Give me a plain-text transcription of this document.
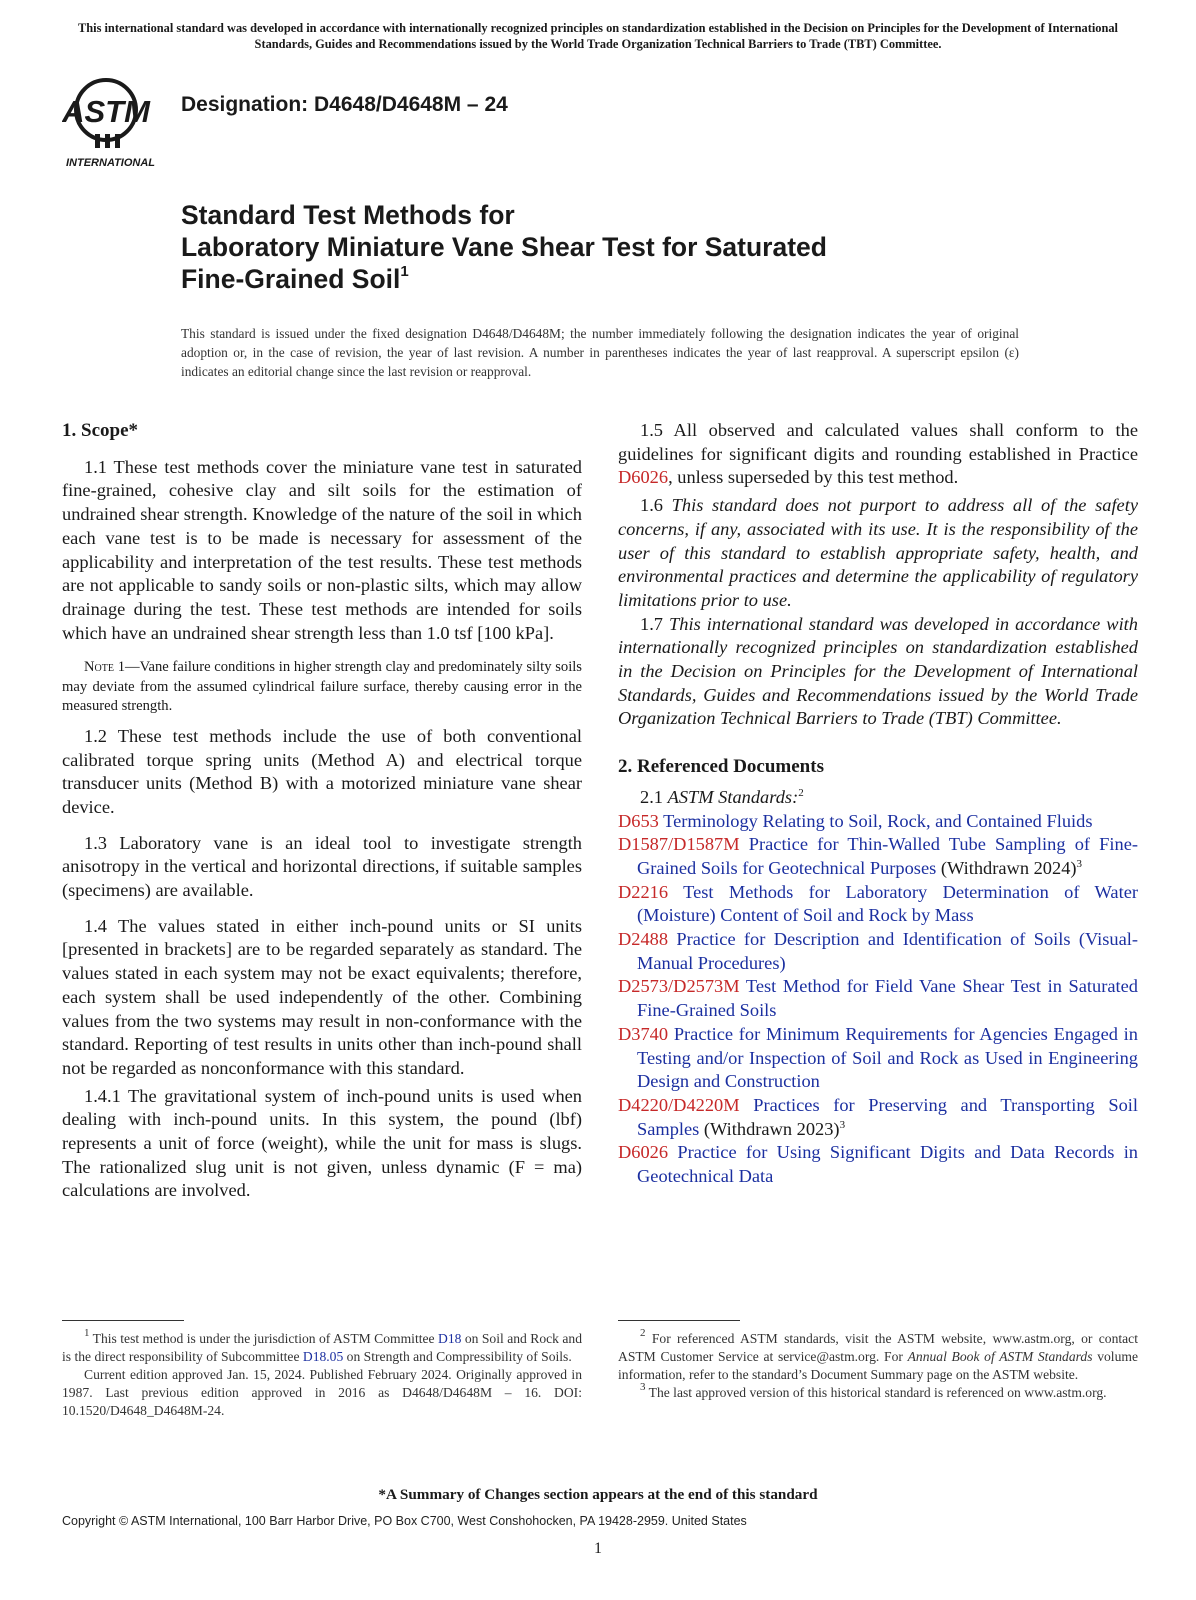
This international standard was developed in accordance with internationally recognized principles on standardization established in the Decision on Principles for the Development of International Standards, Guides and Recommendations issued by the World Trade Organization Technical Barriers to Trade (TBT) Committee.
ASTM
INTERNATIONAL
Designation: D4648/D4648M – 24
Standard Test Methods for
Laboratory Miniature Vane Shear Test for Saturated
Fine-Grained Soil$^1$

This standard is issued under the fixed designation D4648/D4648M; the number immediately following the designation indicates the year of original adoption or, in the case of revision, the year of last revision. A number in parentheses indicates the year of last reapproval. A superscript epsilon (ε) indicates an editorial change since the last revision or reapproval.

1. Scope*

1.1 These test methods cover the miniature vane test in saturated fine-grained, cohesive clay and silt soils for the estimation of undrained shear strength. Knowledge of the nature of the soil in which each vane test is to be made is necessary for assessment of the applicability and interpretation of the test results. These test methods are not applicable to sandy soils or non-plastic silts, which may allow drainage during the test. These test methods are intended for soils which have an undrained shear strength less than 1.0 tsf [100 kPa].

Note 1—Vane failure conditions in higher strength clay and predominately silty soils may deviate from the assumed cylindrical failure surface, thereby causing error in the measured strength.

1.2 These test methods include the use of both conventional calibrated torque spring units (Method A) and electrical torque transducer units (Method B) with a motorized miniature vane shear device.

1.3 Laboratory vane is an ideal tool to investigate strength anisotropy in the vertical and horizontal directions, if suitable samples (specimens) are available.

1.4 The values stated in either inch-pound units or SI units [presented in brackets] are to be regarded separately as standard. The values stated in each system may not be exact equivalents; therefore, each system shall be used independently of the other. Combining values from the two systems may result in non-conformance with the standard. Reporting of test results in units other than inch-pound shall not be regarded as nonconformance with this standard.

1.4.1 The gravitational system of inch-pound units is used when dealing with inch-pound units. In this system, the pound (lbf) represents a unit of force (weight), while the unit for mass is slugs. The rationalized slug unit is not given, unless dynamic (F = ma) calculations are involved.

1.5 All observed and calculated values shall conform to the guidelines for significant digits and rounding established in Practice D6026, unless superseded by this test method.

1.6 This standard does not purport to address all of the safety concerns, if any, associated with its use. It is the responsibility of the user of this standard to establish appropriate safety, health, and environmental practices and determine the applicability of regulatory limitations prior to use.

1.7 This international standard was developed in accordance with internationally recognized principles on standardization established in the Decision on Principles for the Development of International Standards, Guides and Recommendations issued by the World Trade Organization Technical Barriers to Trade (TBT) Committee.

2. Referenced Documents

2.1 ASTM Standards:$^2$

D653 Terminology Relating to Soil, Rock, and Contained Fluids

D1587/D1587M Practice for Thin-Walled Tube Sampling of Fine-Grained Soils for Geotechnical Purposes (Withdrawn 2024)$^3$

D2216 Test Methods for Laboratory Determination of Water (Moisture) Content of Soil and Rock by Mass

D2488 Practice for Description and Identification of Soils (Visual-Manual Procedures)

D2573/D2573M Test Method for Field Vane Shear Test in Saturated Fine-Grained Soils

D3740 Practice for Minimum Requirements for Agencies Engaged in Testing and/or Inspection of Soil and Rock as Used in Engineering Design and Construction

D4220/D4220M Practices for Preserving and Transporting Soil Samples (Withdrawn 2023)$^3$

D6026 Practice for Using Significant Digits and Data Records in Geotechnical Data

$^1$ This test method is under the jurisdiction of ASTM Committee D18 on Soil and Rock and is the direct responsibility of Subcommittee D18.05 on Strength and Compressibility of Soils.

Current edition approved Jan. 15, 2024. Published February 2024. Originally approved in 1987. Last previous edition approved in 2016 as D4648/D4648M – 16. DOI: 10.1520/D4648_D4648M-24.

$^2$ For referenced ASTM standards, visit the ASTM website, www.astm.org, or contact ASTM Customer Service at service@astm.org. For Annual Book of ASTM Standards volume information, refer to the standard’s Document Summary page on the ASTM website.

$^3$ The last approved version of this historical standard is referenced on www.astm.org.

*A Summary of Changes section appears at the end of this standard
Copyright © ASTM International, 100 Barr Harbor Drive, PO Box C700, West Conshohocken, PA 19428-2959. United States
1
